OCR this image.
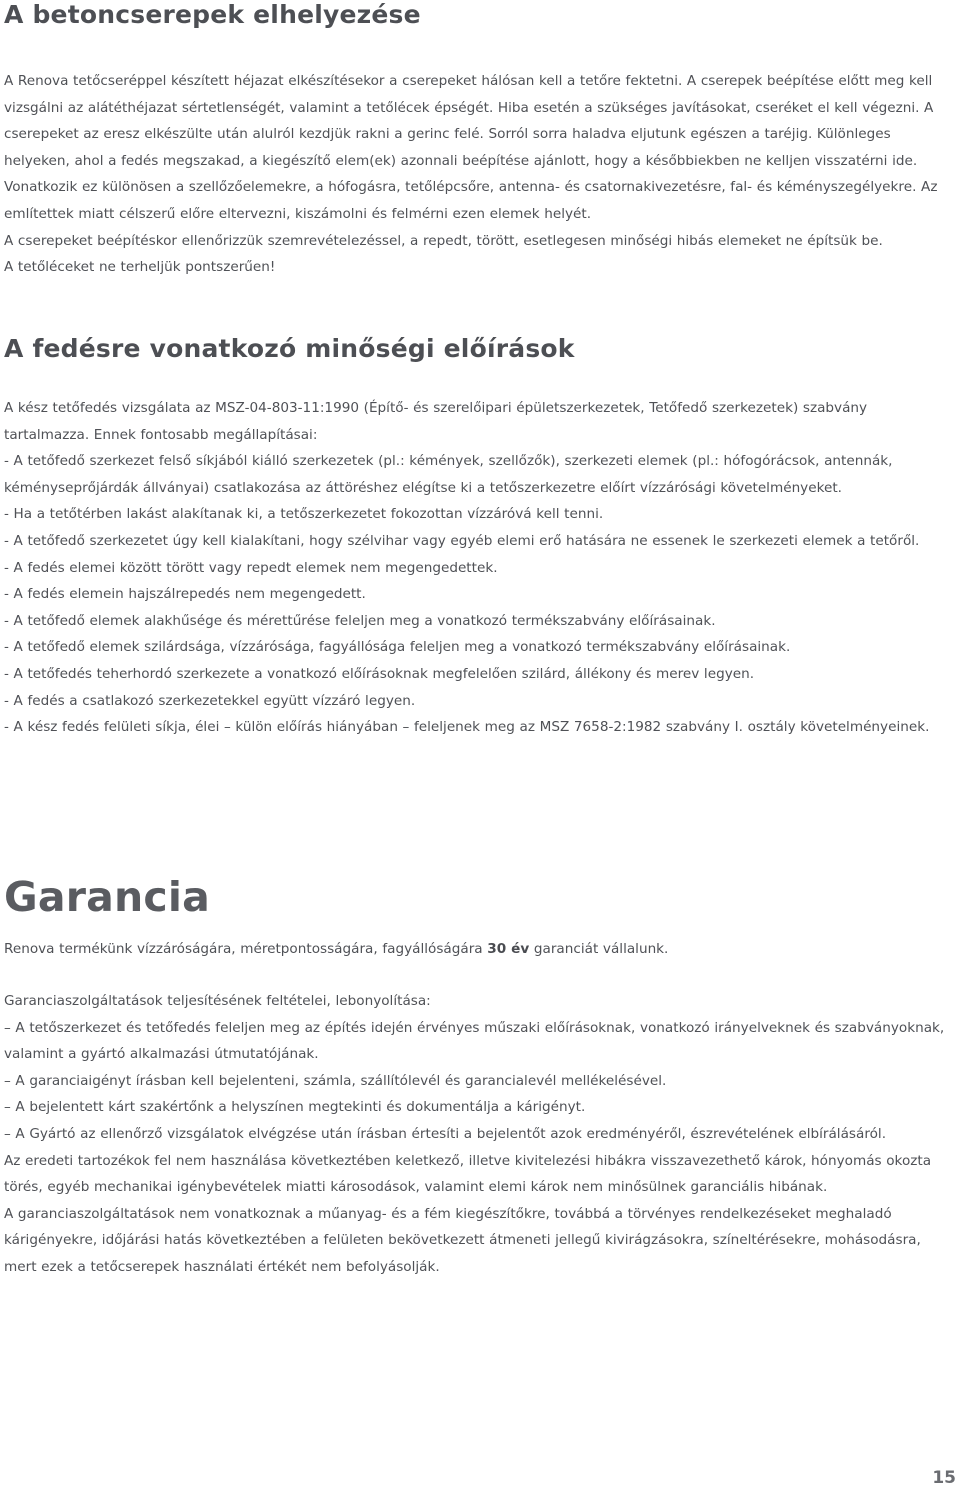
A betoncserepek elhelyezése

A Renova tetőcseréppel készített héjazat elkészítésekor a cserepeket hálósan kell a tetőre fektetni. A cserepek beépítése előtt meg kell vizsgálni az alátéthéjazat sértetlenségét, valamint a tetőlécek épségét. Hiba esetén a szükséges javításokat, cseréket el kell végezni. A cserepeket az eresz elkészülte után alulról kezdjük rakni a gerinc felé. Sorról sorra haladva eljutunk egészen a taréjig. Különleges helyeken, ahol a fedés megszakad, a kiegészítő elem(ek) azonnali beépítése ajánlott, hogy a későbbiekben ne kelljen visszatérni ide. Vonatkozik ez különösen a szellőzőelemekre, a hófogásra, tetőlépcsőre, antenna- és csatornakivezetésre, fal- és kéményszegélyekre. Az említettek miatt célszerű előre eltervezni, kiszámolni és felmérni ezen elemek helyét.

A cserepeket beépítéskor ellenőrizzük szemrevételezéssel, a repedt, törött, esetlegesen minőségi hibás elemeket ne építsük be.

A tetőléceket ne terheljük pontszerűen!

A fedésre vonatkozó minőségi előírások

A kész tetőfedés vizsgálata az MSZ-04-803-11:1990 (Építő- és szerelőipari épületszerkezetek, Tetőfedő szerkezetek) szabvány tartalmazza. Ennek fontosabb megállapításai:

- A tetőfedő szerkezet felső síkjából kiálló szerkezetek (pl.: kémények, szellőzők), szerkezeti elemek (pl.: hófogórácsok, antennák, kéményseprőjárdák állványai) csatlakozása az áttöréshez elégítse ki a tetőszerkezetre előírt vízzárósági követelményeket.

- Ha a tetőtérben lakást alakítanak ki, a tetőszerkezetet fokozottan vízzáróvá kell tenni.

- A tetőfedő szerkezetet úgy kell kialakítani, hogy szélvihar vagy egyéb elemi erő hatására ne essenek le szerkezeti elemek a tetőről.

- A fedés elemei között törött vagy repedt elemek nem megengedettek.

- A fedés elemein hajszálrepedés nem megengedett.

- A tetőfedő elemek alakhűsége és mérettűrése feleljen meg a vonatkozó termékszabvány előírásainak.

- A tetőfedő elemek szilárdsága, vízzárósága, fagyállósága feleljen meg a vonatkozó termékszabvány előírásainak.

- A tetőfedés teherhordó szerkezete a vonatkozó előírásoknak megfelelően szilárd, állékony és merev legyen.

- A fedés a csatlakozó szerkezetekkel együtt vízzáró legyen.

- A kész fedés felületi síkja, élei – külön előírás hiányában – feleljenek meg az MSZ 7658-2:1982 szabvány I. osztály követelményeinek.

Garancia

Renova termékünk vízzáróságára, méretpontosságára, fagyállóságára 30 év garanciát vállalunk.

Garanciaszolgáltatások teljesítésének feltételei, lebonyolítása:

– A tetőszerkezet és tetőfedés feleljen meg az építés idején érvényes műszaki előírásoknak, vonatkozó irányelveknek és szabványoknak, valamint a gyártó alkalmazási útmutatójának.

– A garanciaigényt írásban kell bejelenteni, számla, szállítólevél és garancialevél mellékelésével.

– A bejelentett kárt szakértőnk a helyszínen megtekinti és dokumentálja a kárigényt.

– A Gyártó az ellenőrző vizsgálatok elvégzése után írásban értesíti a bejelentőt azok eredményéről, észrevételének elbírálásáról.

Az eredeti tartozékok fel nem használása következtében keletkező, illetve kivitelezési hibákra visszavezethető károk, hónyomás okozta törés, egyéb mechanikai igénybevételek miatti károsodások, valamint elemi károk nem minősülnek garanciális hibának.

A garanciaszolgáltatások nem vonatkoznak a műanyag- és a fém kiegészítőkre, továbbá a törvényes rendelkezéseket meghaladó kárigényekre, időjárási hatás következtében a felületen bekövetkezett átmeneti jellegű kivirágzásokra, színeltérésekre, mohásodásra, mert ezek a tetőcserepek használati értékét nem befolyásolják.

15
